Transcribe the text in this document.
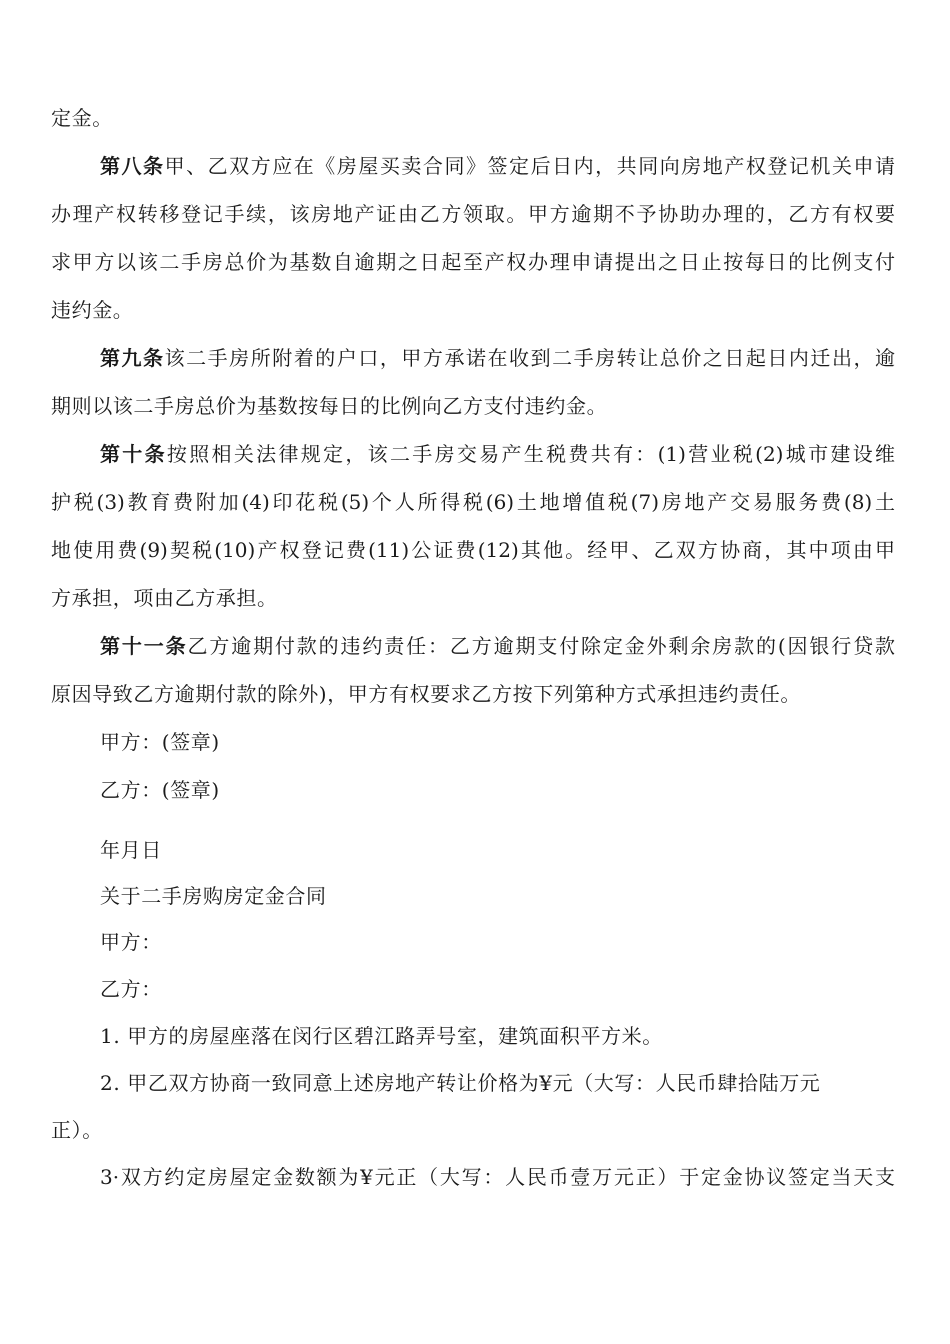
定金。
第八条甲、乙双方应在《房屋买卖合同》签定后日内，共同向房地产权登记机关申请
办理产权转移登记手续，该房地产证由乙方领取。甲方逾期不予协助办理的，乙方有权要
求甲方以该二手房总价为基数自逾期之日起至产权办理申请提出之日止按每日的比例支付
违约金。
第九条该二手房所附着的户口，甲方承诺在收到二手房转让总价之日起日内迁出，逾
期则以该二手房总价为基数按每日的比例向乙方支付违约金。
第十条按照相关法律规定，该二手房交易产生税费共有：(1)营业税(2)城市建设维
护税(3)教育费附加(4)印花税(5)个人所得税(6)土地增值税(7)房地产交易服务费(8)土
地使用费(9)契税(10)产权登记费(11)公证费(12)其他。经甲、乙双方协商，其中项由甲
方承担，项由乙方承担。
第十一条乙方逾期付款的违约责任：乙方逾期支付除定金外剩余房款的(因银行贷款
原因导致乙方逾期付款的除外)，甲方有权要求乙方按下列第种方式承担违约责任。
甲方：(签章)
乙方：(签章)
年月日
关于二手房购房定金合同
甲方：
乙方：
1. 甲方的房屋座落在闵行区碧江路弄号室，建筑面积平方米。
2. 甲乙双方协商一致同意上述房地产转让价格为¥元（大写：人民币肆拾陆万元
正）。
3·双方约定房屋定金数额为¥元正（大写：人民币壹万元正）于定金协议签定当天支
